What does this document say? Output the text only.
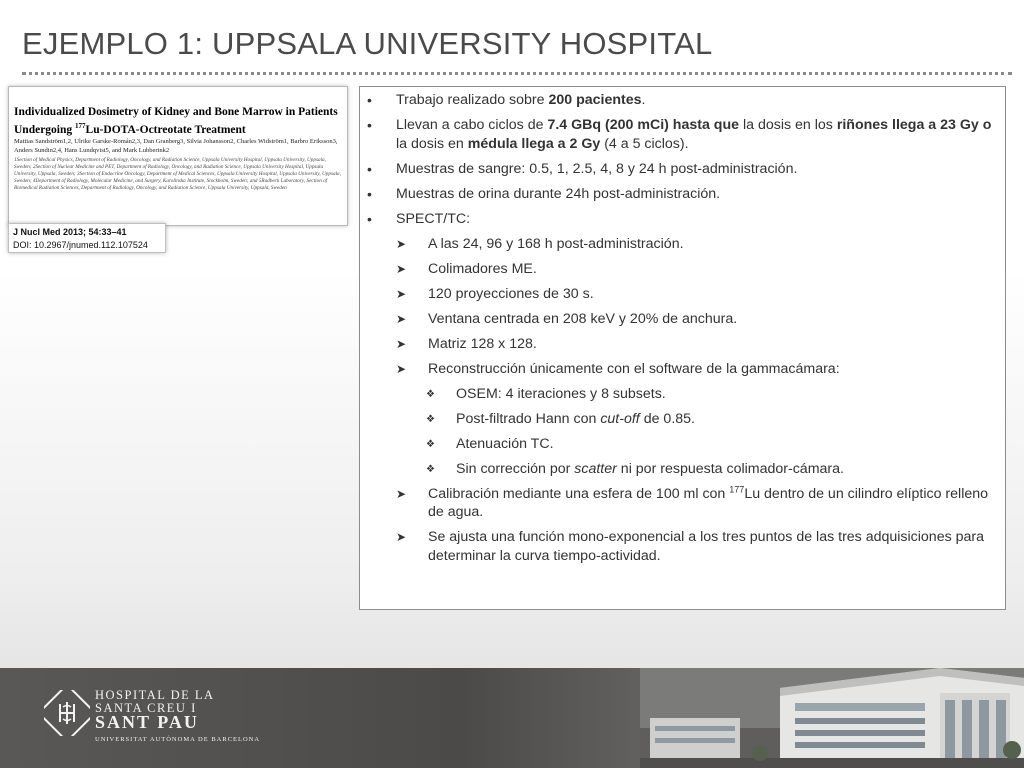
EJEMPLO 1: UPPSALA UNIVERSITY HOSPITAL
Individualized Dosimetry of Kidney and Bone Marrow in Patients Undergoing $^{177}$Lu-DOTA-Octreotate Treatment
Mattias Sandström1,2, Ulrike Garske-Román2,3, Dan Granberg3, Silvia Johansson2, Charles Widström1, Barbro Eriksson3, Anders Sundin2,4, Hans Lundqvist5, and Mark Lubberink2
1Section of Medical Physics, Department of Radiology, Oncology, and Radiation Science, Uppsala University Hospital, Uppsala University, Uppsala, Sweden; 2Section of Nuclear Medicine and PET, Department of Radiology, Oncology, and Radiation Science, Uppsala University Hospital, Uppsala University, Uppsala, Sweden; 3Section of Endocrine Oncology, Department of Medical Sciences, Uppsala University Hospital, Uppsala University, Uppsala, Sweden; 4Department of Radiology, Molecular Medicine, and Surgery, Karolinska Institute, Stockholm, Sweden; and 5Radbeck Laboratory, Section of Biomedical Radiation Sciences, Department of Radiology, Oncology, and Radiation Science, Uppsala University, Uppsala, Sweden
J Nucl Med 2013; 54:33–41
DOI: 10.2967/jnumed.112.107524
• Trabajo realizado sobre 200 pacientes.
• Llevan a cabo ciclos de 7.4 GBq (200 mCi) hasta que la dosis en los riñones llega a 23 Gy o la dosis en médula llega a 2 Gy (4 a 5 ciclos).
• Muestras de sangre: 0.5, 1, 2.5, 4, 8 y 24 h post-administración.
• Muestras de orina durante 24h post-administración.
• SPECT/TC:
➤ A las 24, 96 y 168 h post-administración.
➤ Colimadores ME.
➤ 120 proyecciones de 30 s.
➤ Ventana centrada en 208 keV y 20% de anchura.
➤ Matriz 128 x 128.
➤ Reconstrucción únicamente con el software de la gammacámara:
❖ OSEM: 4 iteraciones y 8 subsets.
❖ Post-filtrado Hann con cut-off de 0.85.
❖ Atenuación TC.
❖ Sin corrección por scatter ni por respuesta colimador-cámara.
➤ Calibración mediante una esfera de 100 ml con $^{177}$Lu dentro de un cilindro elíptico relleno de agua.
➤ Se ajusta una función mono-exponencial a los tres puntos de las tres adquisiciones para determinar la curva tiempo-actividad.
HOSPITAL DE LA
SANTA CREU I
SANT PAU
UNIVERSITAT AUTÒNOMA DE BARCELONA
